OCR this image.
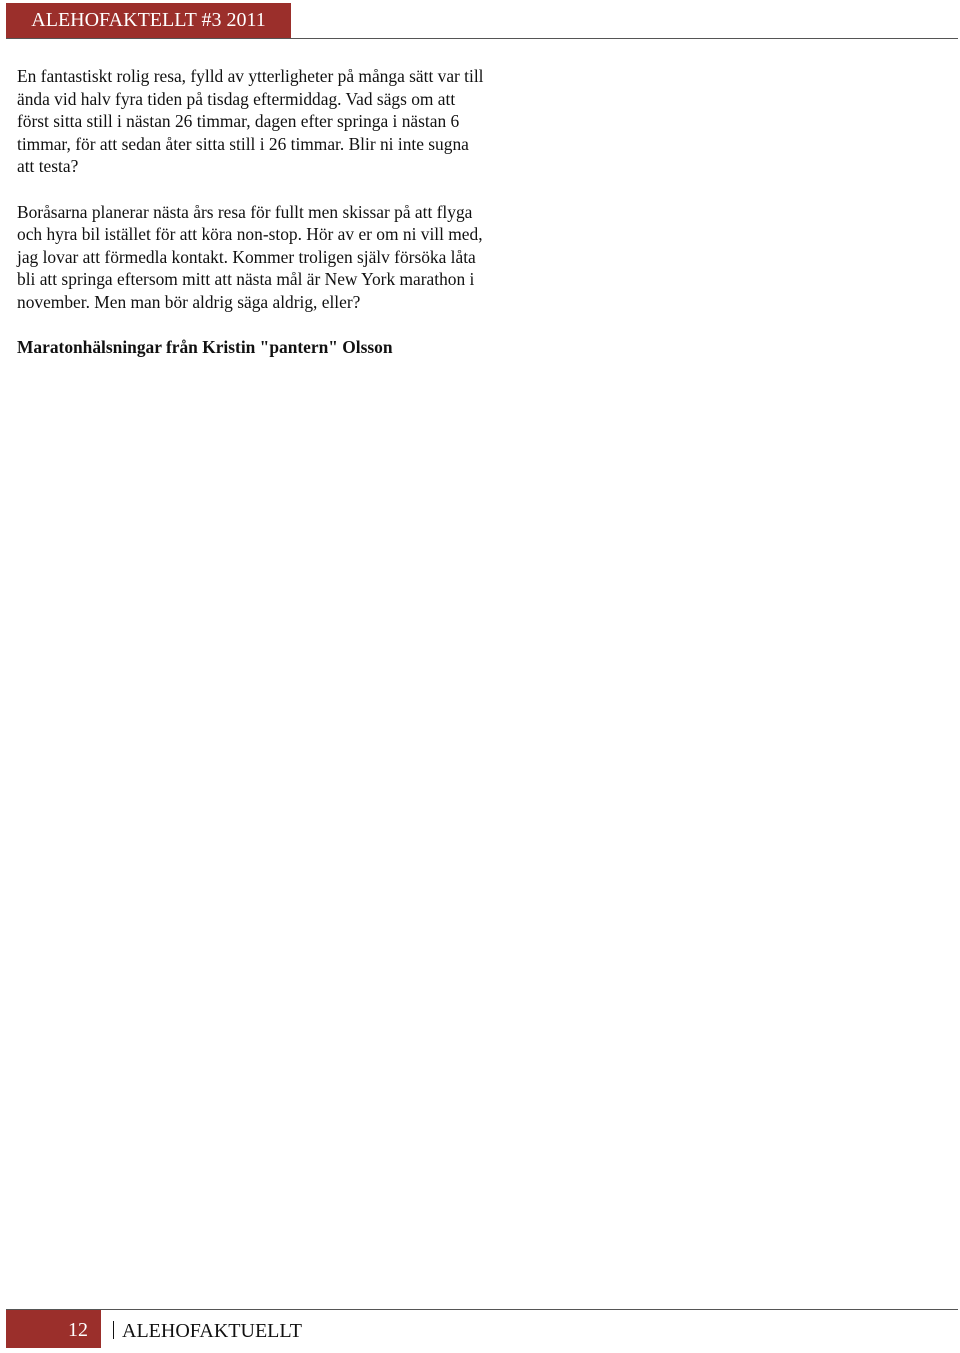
ALEHOFAKTELLT #3 2011

En fantastiskt rolig resa, fylld av ytterligheter på många sätt var till ända vid halv fyra tiden på tisdag eftermiddag. Vad sägs om att först sitta still i nästan 26 timmar, dagen efter springa i nästan 6 timmar, för att sedan åter sitta still i 26 timmar. Blir ni inte sugna att testa?

Boråsarna planerar nästa års resa för fullt men skissar på att flyga och hyra bil istället för att köra non-stop. Hör av er om ni vill med, jag lovar att förmedla kontakt. Kommer troligen själv försöka låta bli att springa eftersom mitt att nästa mål är New York marathon i november. Men man bör aldrig säga aldrig, eller?

Maratonhälsningar från Kristin "pantern" Olsson

12	ALEHOFAKTUELLT
